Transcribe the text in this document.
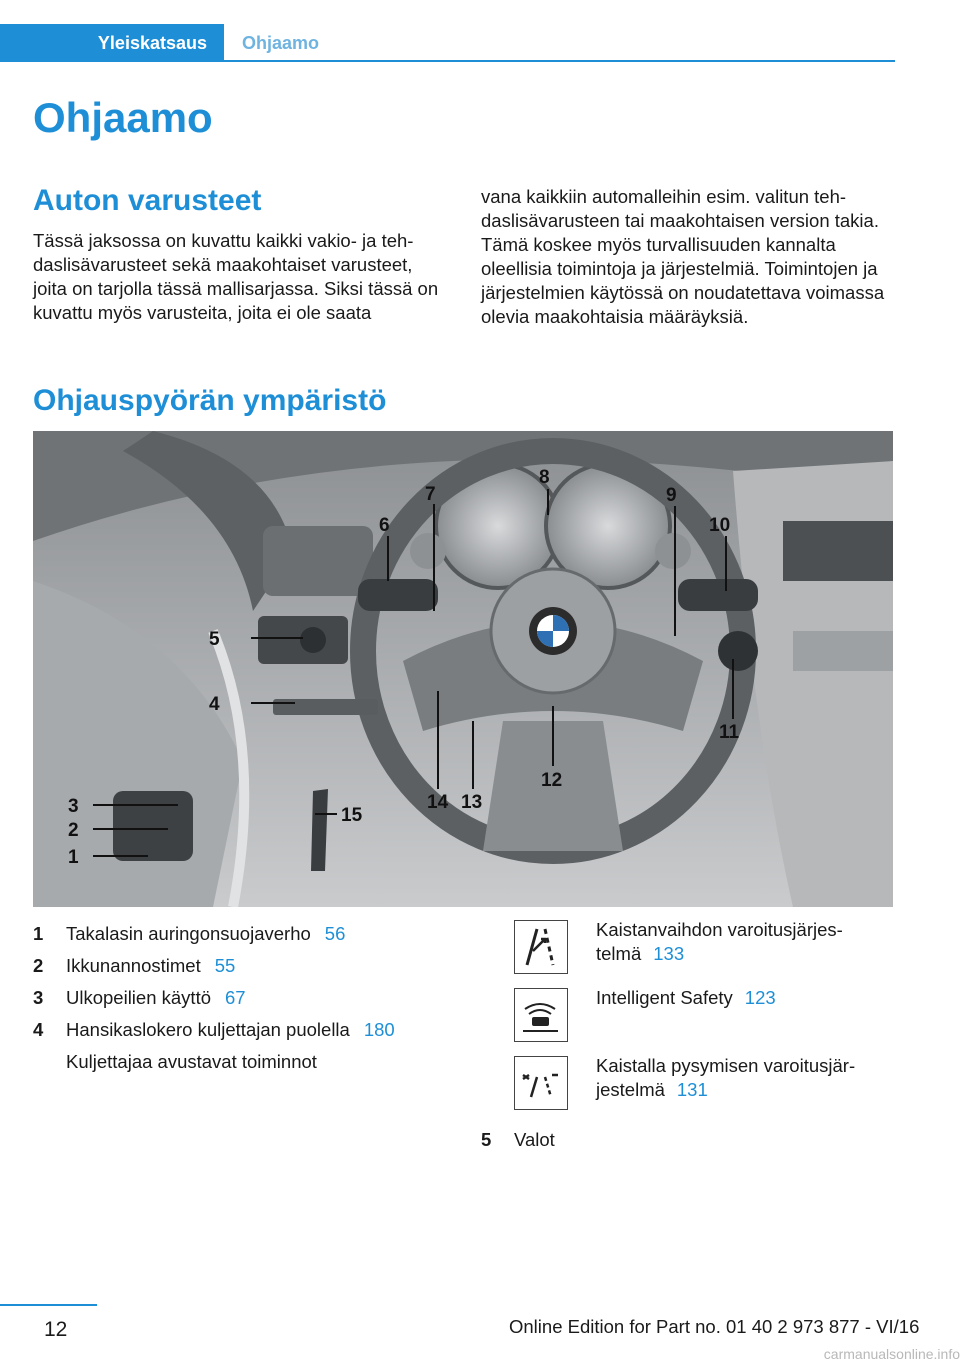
Yleiskatsaus	Ohjaamo
Ohjaamo
Auton varusteet

Tässä jaksossa on kuvattu kaikki vakio- ja tehdaslisävarusteet sekä maakohtaiset varusteet, joita on tarjolla tässä mallisarjassa. Siksi tässä on kuvattu myös varusteita, joita ei ole saata

vana kaikkiin automalleihin esim. valitun tehdaslisävarusteen tai maakohtaisen version takia. Tämä koskee myös turvallisuuden kannalta oleellisia toimintoja ja järjestelmiä. Toimintojen ja järjestelmien käytössä on noudatettava voimassa olevia maakohtaisia määräyksiä.

Ohjauspyörän ympäristö
3
2
1
4
5
6
7
8
9
10
11
12
13
14
15
1	Takalasin auringonsuojaverho 56
2	Ikkunannostimet 55
3	Ulkopeilien käyttö 67
4	Hansikaslokero kuljettajan puolella 180
Kuljettajaa avustavat toiminnot
Kaistanvaihdon varoitusjärjestelmä 133
Intelligent Safety 123
Kaistalla pysymisen varoitusjärjestelmä 131
5	Valot
12	Online Edition for Part no. 01 40 2 973 877 - VI/16
carmanualsonline.info
